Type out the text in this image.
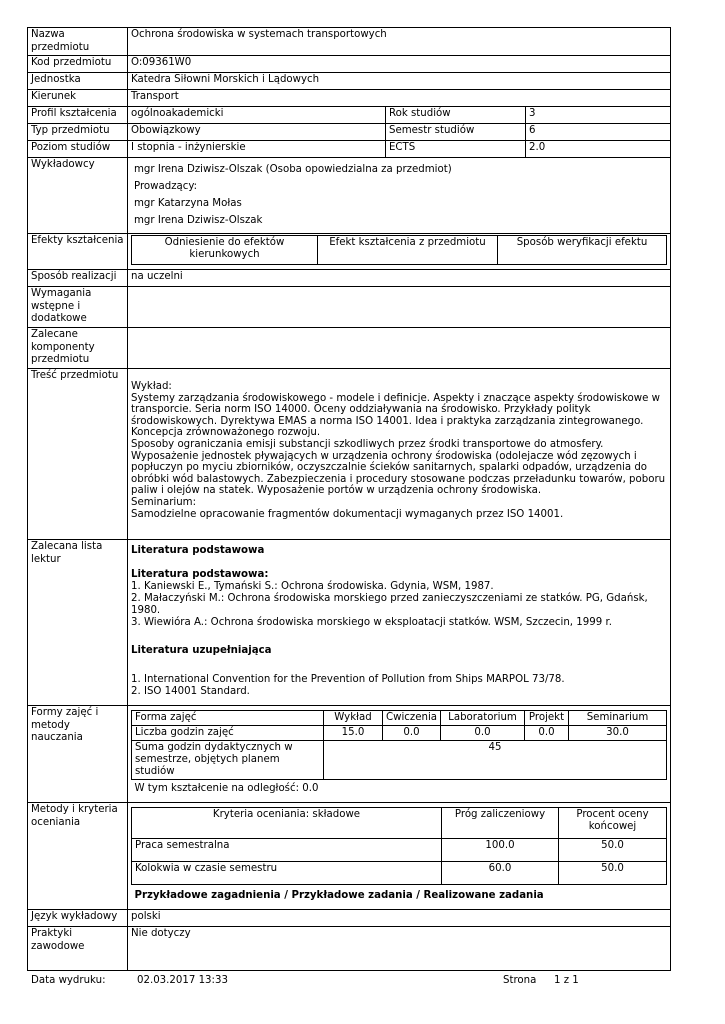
Nazwa przedmiotu	Ochrona środowiska w systemach transportowych
Kod przedmiotu	O:09361W0
Jednostka	Katedra Siłowni Morskich i Lądowych
Kierunek	Transport
Profil kształcenia	ogólnoakademicki	Rok studiów	3
Typ przedmiotu	Obowiązkowy	Semestr studiów	6
Poziom studiów	I stopnia - inżynierskie	ECTS	2.0
Wykładowcy	mgr Irena Dziwisz-Olszak (Osoba opowiedzialna za przedmiot)
Prowadzący:
mgr Katarzyna Mołas
mgr Irena Dziwisz-Olszak

Efekty kształcenia		Odniesienie do efektów kierunkowych	Efekt kształcenia z przedmiotu	Sposób weryfikacji efektu

Sposób realizacji	na uczelni
Wymagania wstępne i dodatkowe	
Zalecane komponenty przedmiotu	
Treść przedmiotu	
Wykład:
Systemy zarządzania środowiskowego - modele i definicje. Aspekty i znaczące aspekty środowiskowe w transporcie. Seria norm ISO 14000. Oceny oddziaływania na środowisko. Przykłady polityk środowiskowych. Dyrektywa EMAS a norma ISO 14001. Idea i praktyka zarządzania zintegrowanego. Koncepcja zrównoważonego rozwoju.
Sposoby ograniczania emisji substancji szkodliwych przez środki transportowe do atmosfery. Wyposażenie jednostek pływających w urządzenia ochrony środowiska (odolejacze wód zęzowych i popłuczyn po myciu zbiorników, oczyszczalnie ścieków sanitarnych, spalarki odpadów, urządzenia do obróbki wód balastowych. Zabezpieczenia i procedury stosowane podczas przeładunku towarów, poboru paliw i olejów na statek. Wyposażenie portów w urządzenia ochrony środowiska.
Seminarium:
Samodzielne opracowanie fragmentów dokumentacji wymaganych przez ISO 14001.

Zalecana lista lektur	
Literatura podstawowa
Literatura podstawowa:
1. Kaniewski E., Tymański S.: Ochrona środowiska. Gdynia, WSM, 1987.
2. Małaczyński M.: Ochrona środowiska morskiego przed zanieczyszczeniami ze statków. PG, Gdańsk, 1980.
3. Wiewióra A.: Ochrona środowiska morskiego w eksploatacji statków. WSM, Szczecin, 1999 r.
Literatura uzupełniająca
1. International Convention for the Prevention of Pollution from Ships MARPOL 73/78.
2. ISO 14001 Standard.

Formy zajęć i metody nauczania	
Forma zajęć	Wykład	Ćwiczenia	Laboratorium	Projekt	Seminarium
Liczba godzin zajęć	15.0	0.0	0.0	0.0	30.0
Suma godzin dydaktycznych w semestrze, objętych planem studiów	45
W tym kształcenie na odległość: 0.0

Metody i kryteria oceniania	
Kryteria oceniania: składowe	Próg zaliczeniowy	Procent oceny końcowej
Praca semestralna	100.0	50.0
Kolokwia w czasie semestru	60.0	50.0
Przykładowe zagadnienia / Przykładowe zadania / Realizowane zadania

Język wykładowy	polski
Praktyki zawodowe	Nie dotyczy
Data wydruku:	02.03.2017 13:33	Strona 1 z 1
